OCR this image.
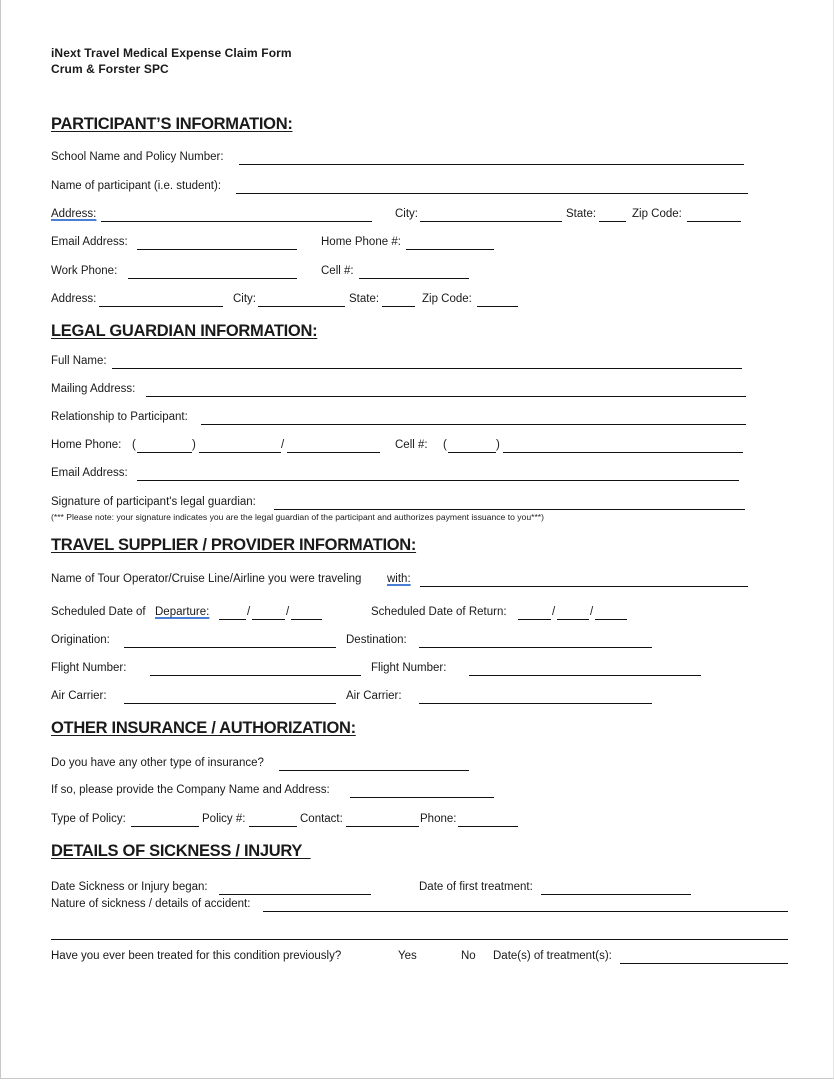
iNext Travel Medical Expense Claim Form
Crum & Forster SPC
PARTICIPANT’S INFORMATION:
School Name and Policy Number:
Name of participant (i.e. student):
Address:	City:	State:	Zip Code:
Email Address:	Home Phone #:
Work Phone:	Cell #:
Address:	City:	State:	Zip Code:
LEGAL GUARDIAN INFORMATION:
Full Name:
Mailing Address:
Relationship to Participant:
Home Phone: (	)	/	Cell #: (	)
Email Address:
Signature of participant's legal guardian:
(*** Please note: your signature indicates you are the legal guardian of the participant and authorizes payment issuance to you***)
TRAVEL SUPPLIER / PROVIDER INFORMATION:
Name of Tour Operator/Cruise Line/Airline you were traveling with:
Scheduled Date of Departure:	/	/	Scheduled Date of Return:	/	/
Origination:	Destination:
Flight Number:	Flight Number:
Air Carrier:	Air Carrier:
OTHER INSURANCE / AUTHORIZATION:
Do you have any other type of insurance?
If so, please provide the Company Name and Address:
Type of Policy:	Policy #:	Contact:	Phone:
DETAILS OF SICKNESS / INJURY
Date Sickness or Injury began:	Date of first treatment:
Nature of sickness / details of accident:
Have you ever been treated for this condition previously?	Yes	No Date(s) of treatment(s):
